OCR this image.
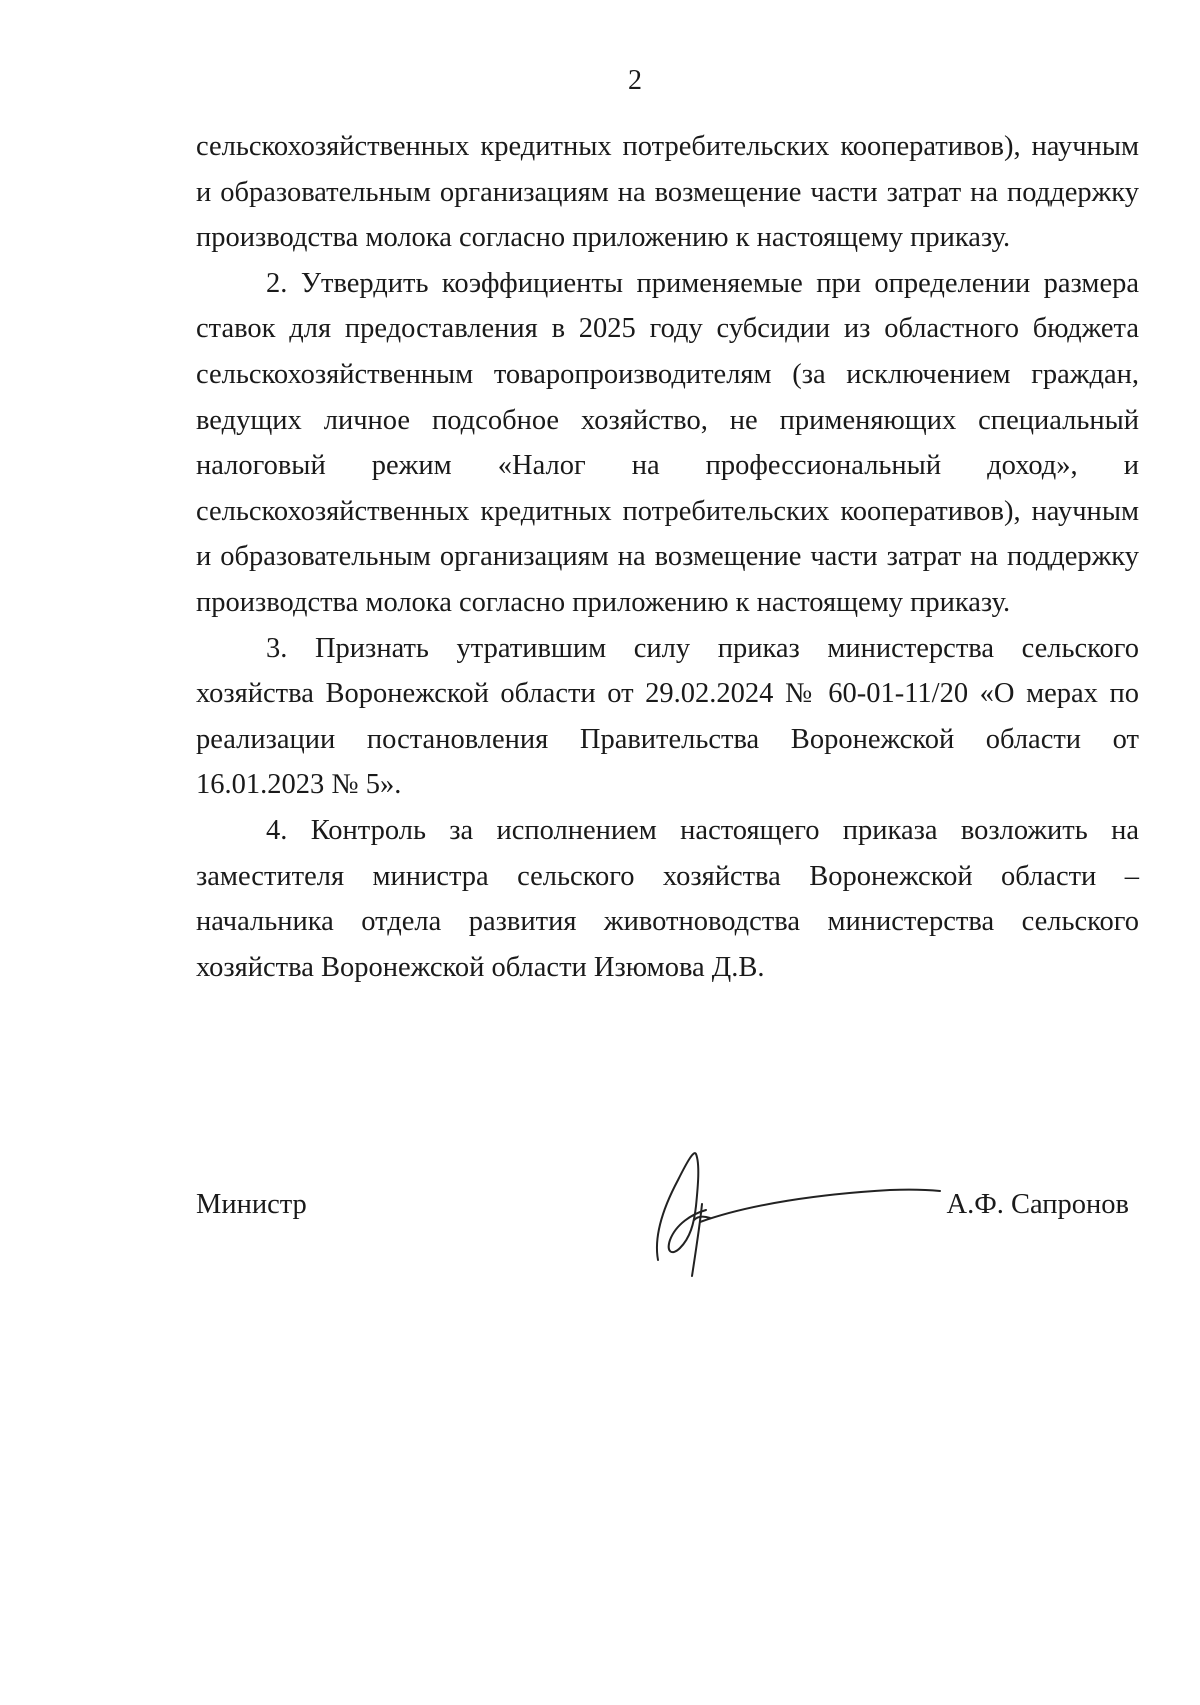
2

сельскохозяйственных кредитных потребительских кооперативов), научным и образовательным организациям на возмещение части затрат на поддержку производства молока согласно приложению к настоящему приказу.

2. Утвердить коэффициенты применяемые при определении размера ставок для предоставления в 2025 году субсидии из областного бюджета сельскохозяйственным товаропроизводителям (за исключением граждан, ведущих личное подсобное хозяйство, не применяющих специальный налоговый режим «Налог на профессиональный доход», и сельскохозяйственных кредитных потребительских кооперативов), научным и образовательным организациям на возмещение части затрат на поддержку производства молока согласно приложению к настоящему приказу.

3. Признать утратившим силу приказ министерства сельского хозяйства Воронежской области от 29.02.2024 № 60-01-11/20 «О мерах по реализации постановления Правительства Воронежской области от 16.01.2023 № 5».

4. Контроль за исполнением настоящего приказа возложить на заместителя министра сельского хозяйства Воронежской области – начальника отдела развития животноводства министерства сельского хозяйства Воронежской области Изюмова Д.В.

Министр	А.Ф. Сапронов
